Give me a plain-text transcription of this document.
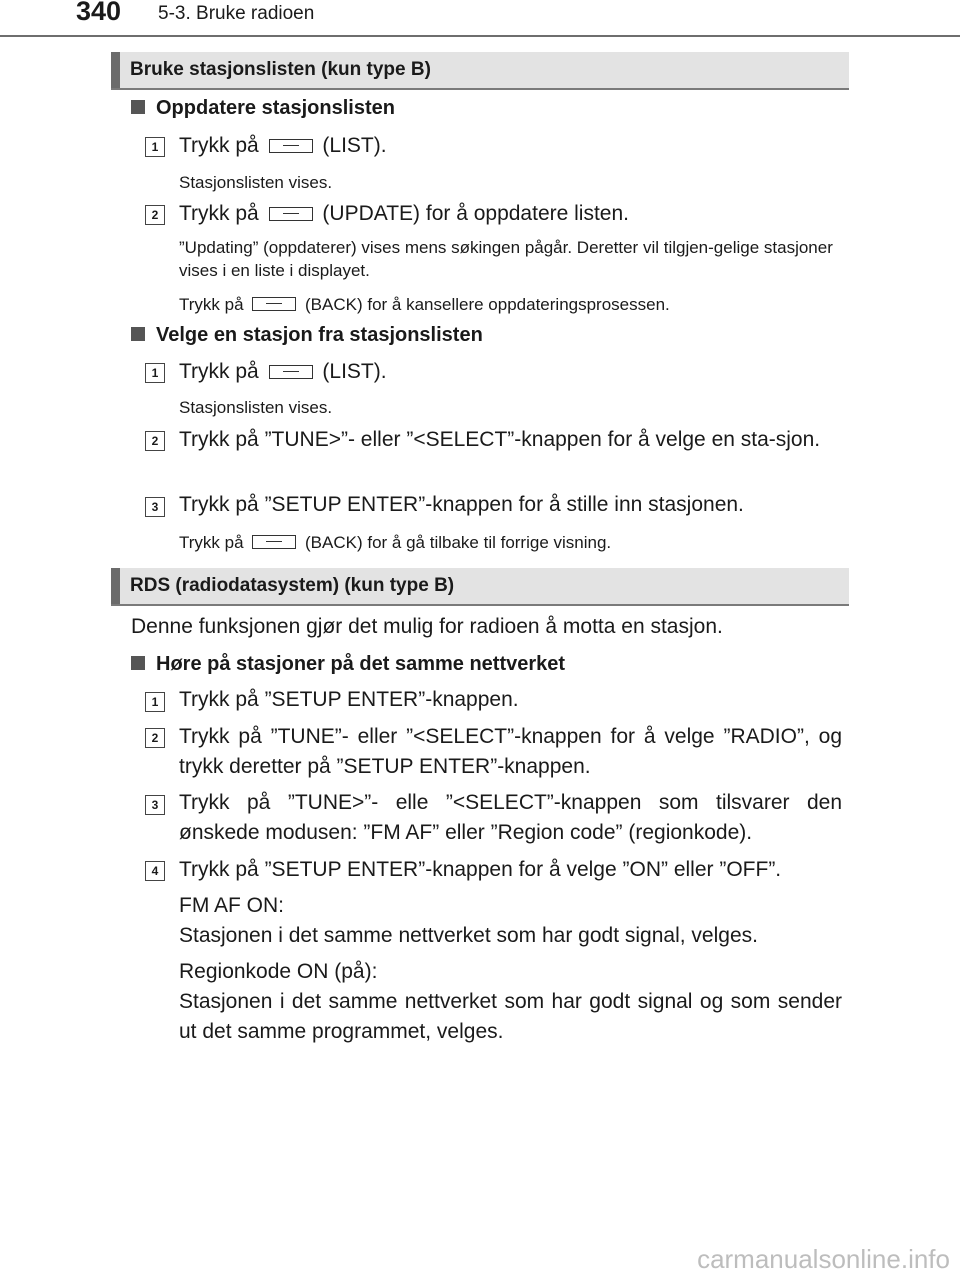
340 5-3. Bruke radioen
Bruke stasjonslisten (kun type B)
Oppdatere stasjonslisten
1 Trykk på	(LIST).
Stasjonslisten vises.
2 Trykk på	(UPDATE) for å oppdatere listen.
”Updating” (oppdaterer) vises mens søkingen pågår. Deretter vil tilgjen-gelige stasjoner vises i en liste i displayet.
Trykk på	(BACK) for å kansellere oppdateringsprosessen.
Velge en stasjon fra stasjonslisten
1 Trykk på	(LIST).
Stasjonslisten vises.
2 Trykk på ”TUNE>”- eller ”<SELECT”-knappen for å velge en sta-sjon.
3 Trykk på ”SETUP ENTER”-knappen for å stille inn stasjonen.
Trykk på	(BACK) for å gå tilbake til forrige visning.
RDS (radiodatasystem) (kun type B)
Denne funksjonen gjør det mulig for radioen å motta en stasjon.
Høre på stasjoner på det samme nettverket
1 Trykk på ”SETUP ENTER”-knappen.
2 Trykk på ”TUNE”- eller ”<SELECT”-knappen for å velge ”RADIO”, og trykk deretter på ”SETUP ENTER”-knappen.
3 Trykk på ”TUNE>”- elle ”<SELECT”-knappen som tilsvarer den ønskede modusen: ”FM AF” eller ”Region code” (regionkode).
4 Trykk på ”SETUP ENTER”-knappen for å velge ”ON” eller ”OFF”.
FM AF ON:
Stasjonen i det samme nettverket som har godt signal, velges.
Regionkode ON (på):
Stasjonen i det samme nettverket som har godt signal og som sender ut det samme programmet, velges.
carmanualsonline.info
